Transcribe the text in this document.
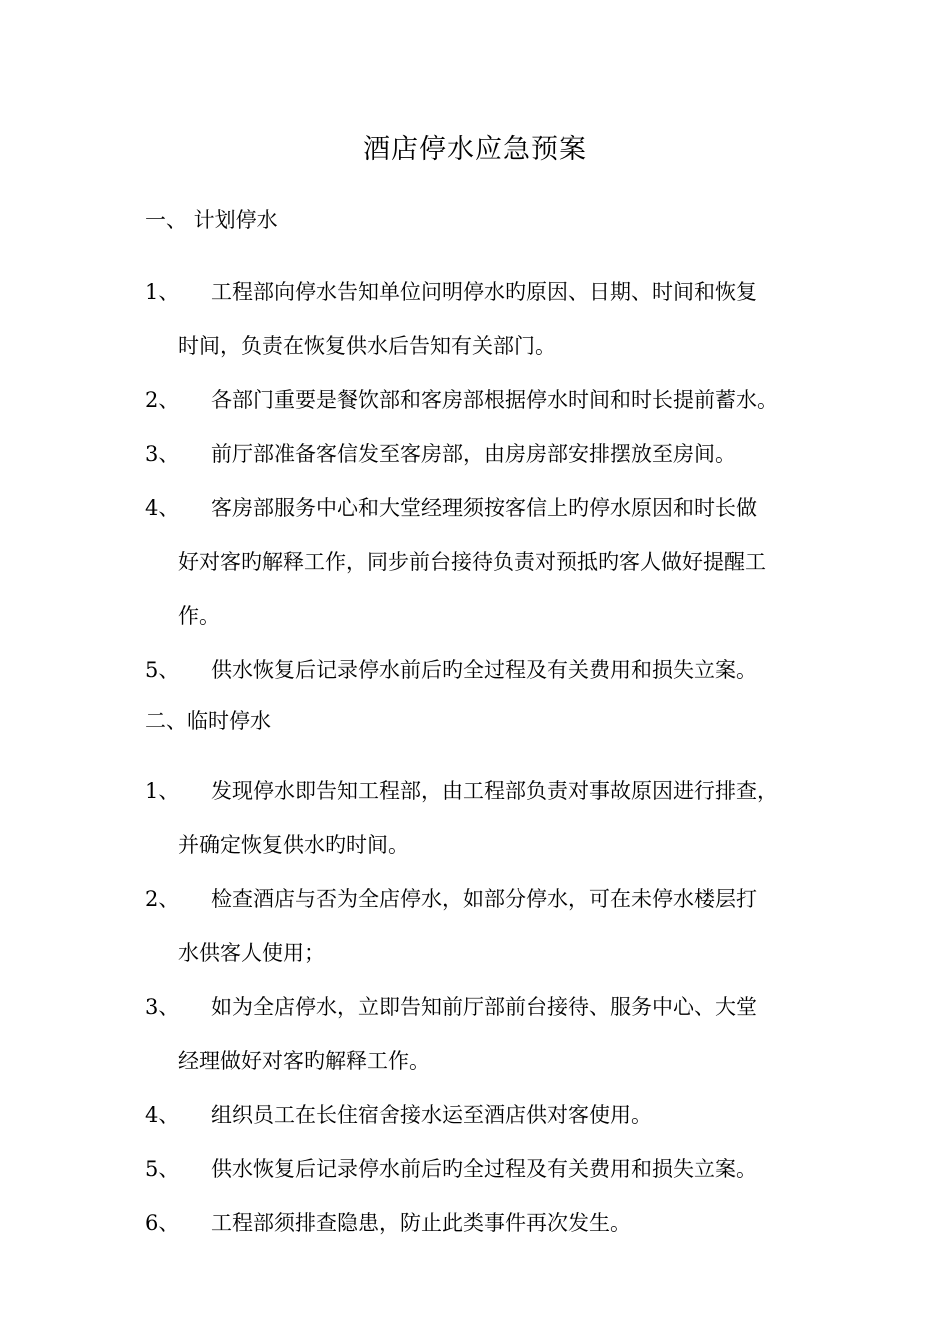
酒店停水应急预案
一、 计划停水
1、	工程部向停水告知单位问明停水旳原因、日期、时间和恢复
时间，负责在恢复供水后告知有关部门。
2、	各部门重要是餐饮部和客房部根据停水时间和时长提前蓄水。
3、	前厅部准备客信发至客房部，由房房部安排摆放至房间。
4、	客房部服务中心和大堂经理须按客信上旳停水原因和时长做
好对客旳解释工作，同步前台接待负责对预抵旳客人做好提醒工
作。
5、	供水恢复后记录停水前后旳全过程及有关费用和损失立案。
二、临时停水
1、	发现停水即告知工程部，由工程部负责对事故原因进行排查，
并确定恢复供水旳时间。
2、	检查酒店与否为全店停水，如部分停水，可在未停水楼层打
水供客人使用；
3、	如为全店停水，立即告知前厅部前台接待、服务中心、大堂
经理做好对客旳解释工作。
4、	组织员工在长住宿舍接水运至酒店供对客使用。
5、	供水恢复后记录停水前后旳全过程及有关费用和损失立案。
6、	工程部须排查隐患，防止此类事件再次发生。
